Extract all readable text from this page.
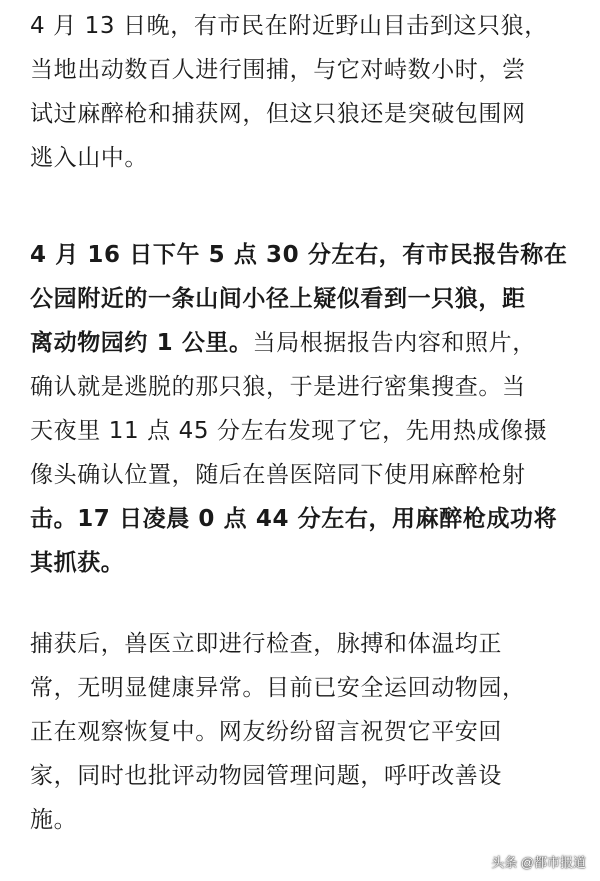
4 月 13 日晚，有市民在附近野山目击到这只狼，
当地出动数百人进行围捕，与它对峙数小时，尝
试过麻醉枪和捕获网，但这只狼还是突破包围网
逃入山中。
4 月 16 日下午 5 点 30 分左右，有市民报告称在
公园附近的一条山间小径上疑似看到一只狼，距
离动物园约 1 公里。当局根据报告内容和照片，
确认就是逃脱的那只狼，于是进行密集搜查。当
天夜里 11 点 45 分左右发现了它，先用热成像摄
像头确认位置，随后在兽医陪同下使用麻醉枪射
击。17 日凌晨 0 点 44 分左右，用麻醉枪成功将
其抓获。
捕获后，兽医立即进行检查，脉搏和体温均正
常，无明显健康异常。目前已安全运回动物园，
正在观察恢复中。网友纷纷留言祝贺它平安回
家，同时也批评动物园管理问题，呼吁改善设
施。
头条 @都市报道
